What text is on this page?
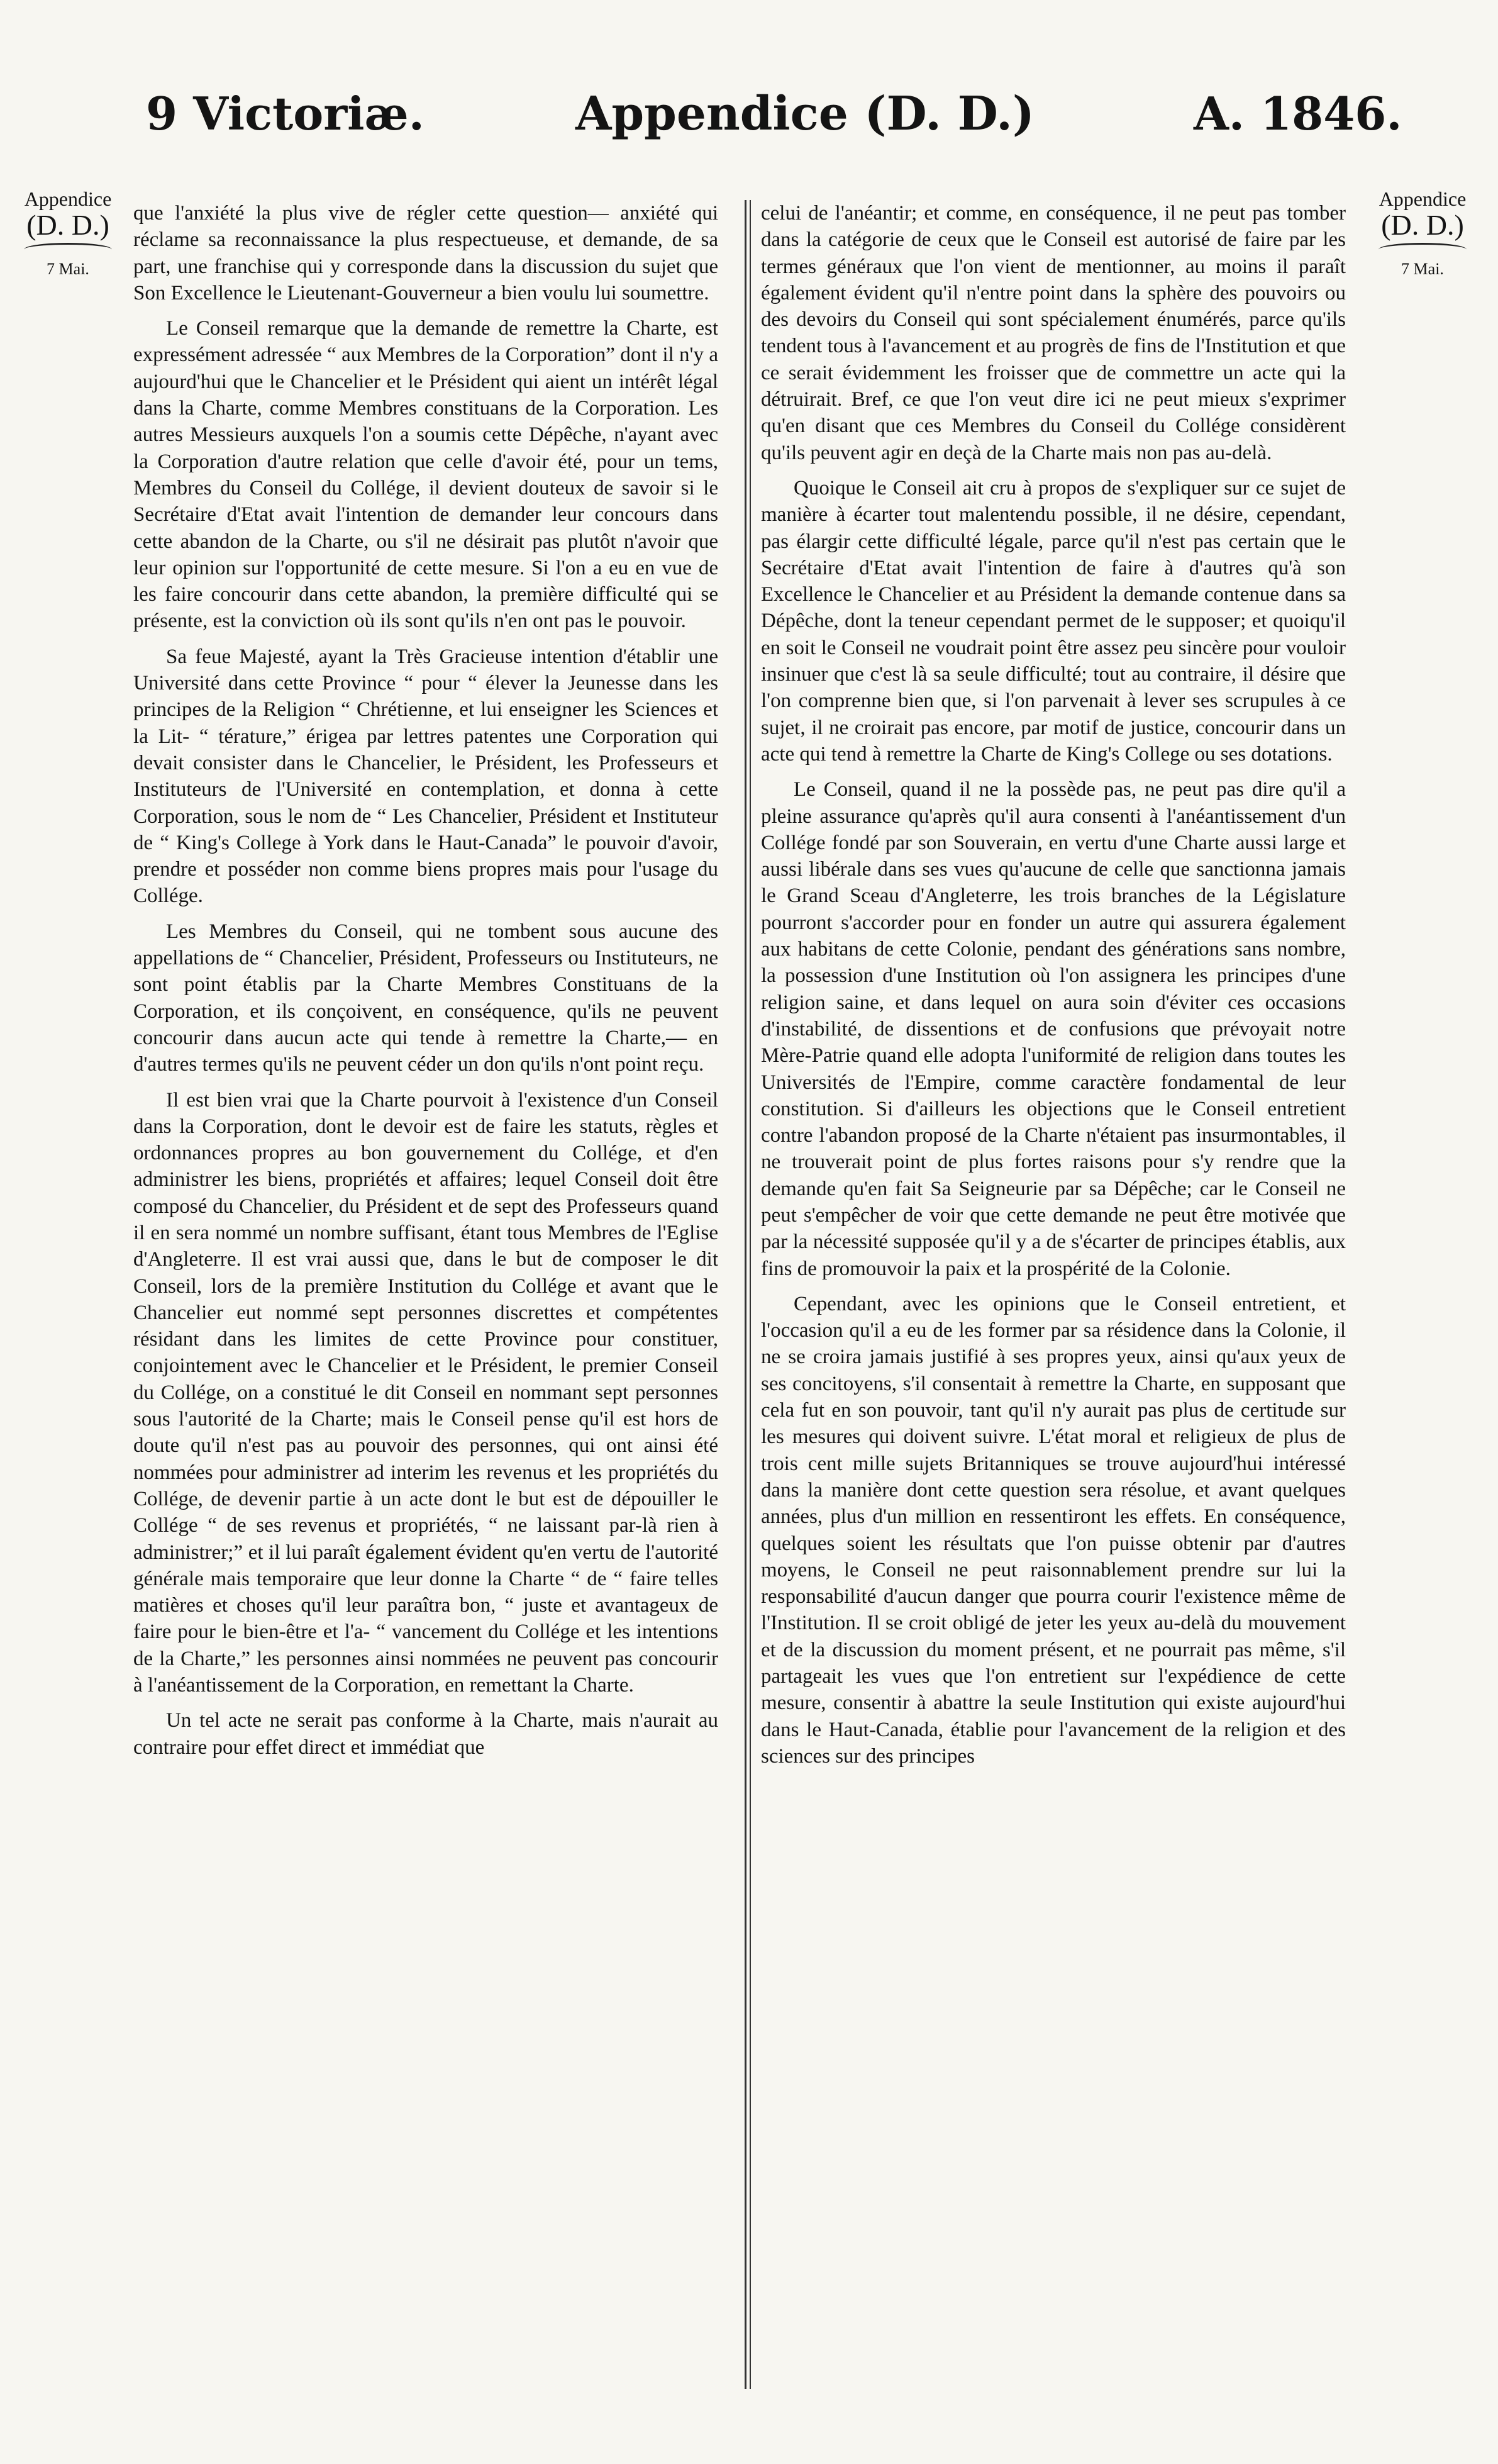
9 Victoriæ.	Appendice (D. D.)	A. 1846.
Appendice
(D. D.)
7 Mai.
Appendice
(D. D.)
7 Mai.

que l'anxiété la plus vive de régler cette question— anxiété qui réclame sa reconnaissance la plus respectueuse, et demande, de sa part, une franchise qui y corresponde dans la discussion du sujet que Son Excellence le Lieutenant-Gouverneur a bien voulu lui soumettre.

Le Conseil remarque que la demande de remettre la Charte, est expressément adressée “ aux Membres de la Corporation” dont il n'y a aujourd'hui que le Chancelier et le Président qui aient un intérêt légal dans la Charte, comme Membres constituans de la Corporation. Les autres Messieurs auxquels l'on a soumis cette Dépêche, n'ayant avec la Corporation d'autre relation que celle d'avoir été, pour un tems, Membres du Conseil du Collége, il devient douteux de savoir si le Secrétaire d'Etat avait l'intention de demander leur concours dans cette abandon de la Charte, ou s'il ne désirait pas plutôt n'avoir que leur opinion sur l'opportunité de cette mesure. Si l'on a eu en vue de les faire concourir dans cette abandon, la première difficulté qui se présente, est la conviction où ils sont qu'ils n'en ont pas le pouvoir.

Sa feue Majesté, ayant la Très Gracieuse intention d'établir une Université dans cette Province “ pour “ élever la Jeunesse dans les principes de la Religion “ Chrétienne, et lui enseigner les Sciences et la Lit- “ térature,” érigea par lettres patentes une Corporation qui devait consister dans le Chancelier, le Président, les Professeurs et Instituteurs de l'Université en contemplation, et donna à cette Corporation, sous le nom de “ Les Chancelier, Président et Instituteur de “ King's College à York dans le Haut-Canada” le pouvoir d'avoir, prendre et posséder non comme biens propres mais pour l'usage du Collége.

Les Membres du Conseil, qui ne tombent sous aucune des appellations de “ Chancelier, Président, Professeurs ou Instituteurs, ne sont point établis par la Charte Membres Constituans de la Corporation, et ils conçoivent, en conséquence, qu'ils ne peuvent concourir dans aucun acte qui tende à remettre la Charte,— en d'autres termes qu'ils ne peuvent céder un don qu'ils n'ont point reçu.

Il est bien vrai que la Charte pourvoit à l'existence d'un Conseil dans la Corporation, dont le devoir est de faire les statuts, règles et ordonnances propres au bon gouvernement du Collége, et d'en administrer les biens, propriétés et affaires; lequel Conseil doit être composé du Chancelier, du Président et de sept des Professeurs quand il en sera nommé un nombre suffisant, étant tous Membres de l'Eglise d'Angleterre. Il est vrai aussi que, dans le but de composer le dit Conseil, lors de la première Institution du Collége et avant que le Chancelier eut nommé sept personnes discrettes et compétentes résidant dans les limites de cette Province pour constituer, conjointement avec le Chancelier et le Président, le premier Conseil du Collége, on a constitué le dit Conseil en nommant sept personnes sous l'autorité de la Charte; mais le Conseil pense qu'il est hors de doute qu'il n'est pas au pouvoir des personnes, qui ont ainsi été nommées pour administrer ad interim les revenus et les propriétés du Collége, de devenir partie à un acte dont le but est de dépouiller le Collége “ de ses revenus et propriétés, “ ne laissant par-là rien à administrer;” et il lui paraît également évident qu'en vertu de l'autorité générale mais temporaire que leur donne la Charte “ de “ faire telles matières et choses qu'il leur paraîtra bon, “ juste et avantageux de faire pour le bien-être et l'a- “ vancement du Collége et les intentions de la Charte,” les personnes ainsi nommées ne peuvent pas concourir à l'anéantissement de la Corporation, en remettant la Charte.

Un tel acte ne serait pas conforme à la Charte, mais n'aurait au contraire pour effet direct et immédiat que

celui de l'anéantir; et comme, en conséquence, il ne peut pas tomber dans la catégorie de ceux que le Conseil est autorisé de faire par les termes généraux que l'on vient de mentionner, au moins il paraît également évident qu'il n'entre point dans la sphère des pouvoirs ou des devoirs du Conseil qui sont spécialement énumérés, parce qu'ils tendent tous à l'avancement et au progrès de fins de l'Institution et que ce serait évidemment les froisser que de commettre un acte qui la détruirait. Bref, ce que l'on veut dire ici ne peut mieux s'exprimer qu'en disant que ces Membres du Conseil du Collége considèrent qu'ils peuvent agir en deçà de la Charte mais non pas au-delà.

Quoique le Conseil ait cru à propos de s'expliquer sur ce sujet de manière à écarter tout malentendu possible, il ne désire, cependant, pas élargir cette difficulté légale, parce qu'il n'est pas certain que le Secrétaire d'Etat avait l'intention de faire à d'autres qu'à son Excellence le Chancelier et au Président la demande contenue dans sa Dépêche, dont la teneur cependant permet de le supposer; et quoiqu'il en soit le Conseil ne voudrait point être assez peu sincère pour vouloir insinuer que c'est là sa seule difficulté; tout au contraire, il désire que l'on comprenne bien que, si l'on parvenait à lever ses scrupules à ce sujet, il ne croirait pas encore, par motif de justice, concourir dans un acte qui tend à remettre la Charte de King's College ou ses dotations.

Le Conseil, quand il ne la possède pas, ne peut pas dire qu'il a pleine assurance qu'après qu'il aura consenti à l'anéantissement d'un Collége fondé par son Souverain, en vertu d'une Charte aussi large et aussi libérale dans ses vues qu'aucune de celle que sanctionna jamais le Grand Sceau d'Angleterre, les trois branches de la Législature pourront s'accorder pour en fonder un autre qui assurera également aux habitans de cette Colonie, pendant des générations sans nombre, la possession d'une Institution où l'on assignera les principes d'une religion saine, et dans lequel on aura soin d'éviter ces occasions d'instabilité, de dissentions et de confusions que prévoyait notre Mère-Patrie quand elle adopta l'uniformité de religion dans toutes les Universités de l'Empire, comme caractère fondamental de leur constitution. Si d'ailleurs les objections que le Conseil entretient contre l'abandon proposé de la Charte n'étaient pas insurmontables, il ne trouverait point de plus fortes raisons pour s'y rendre que la demande qu'en fait Sa Seigneurie par sa Dépêche; car le Conseil ne peut s'empêcher de voir que cette demande ne peut être motivée que par la nécessité supposée qu'il y a de s'écarter de principes établis, aux fins de promouvoir la paix et la prospérité de la Colonie.

Cependant, avec les opinions que le Conseil entretient, et l'occasion qu'il a eu de les former par sa résidence dans la Colonie, il ne se croira jamais justifié à ses propres yeux, ainsi qu'aux yeux de ses concitoyens, s'il consentait à remettre la Charte, en supposant que cela fut en son pouvoir, tant qu'il n'y aurait pas plus de certitude sur les mesures qui doivent suivre. L'état moral et religieux de plus de trois cent mille sujets Britanniques se trouve aujourd'hui intéressé dans la manière dont cette question sera résolue, et avant quelques années, plus d'un million en ressentiront les effets. En conséquence, quelques soient les résultats que l'on puisse obtenir par d'autres moyens, le Conseil ne peut raisonnablement prendre sur lui la responsabilité d'aucun danger que pourra courir l'existence même de l'Institution. Il se croit obligé de jeter les yeux au-delà du mouvement et de la discussion du moment présent, et ne pourrait pas même, s'il partageait les vues que l'on entretient sur l'expédience de cette mesure, consentir à abattre la seule Institution qui existe aujourd'hui dans le Haut-Canada, établie pour l'avancement de la religion et des sciences sur des principes
